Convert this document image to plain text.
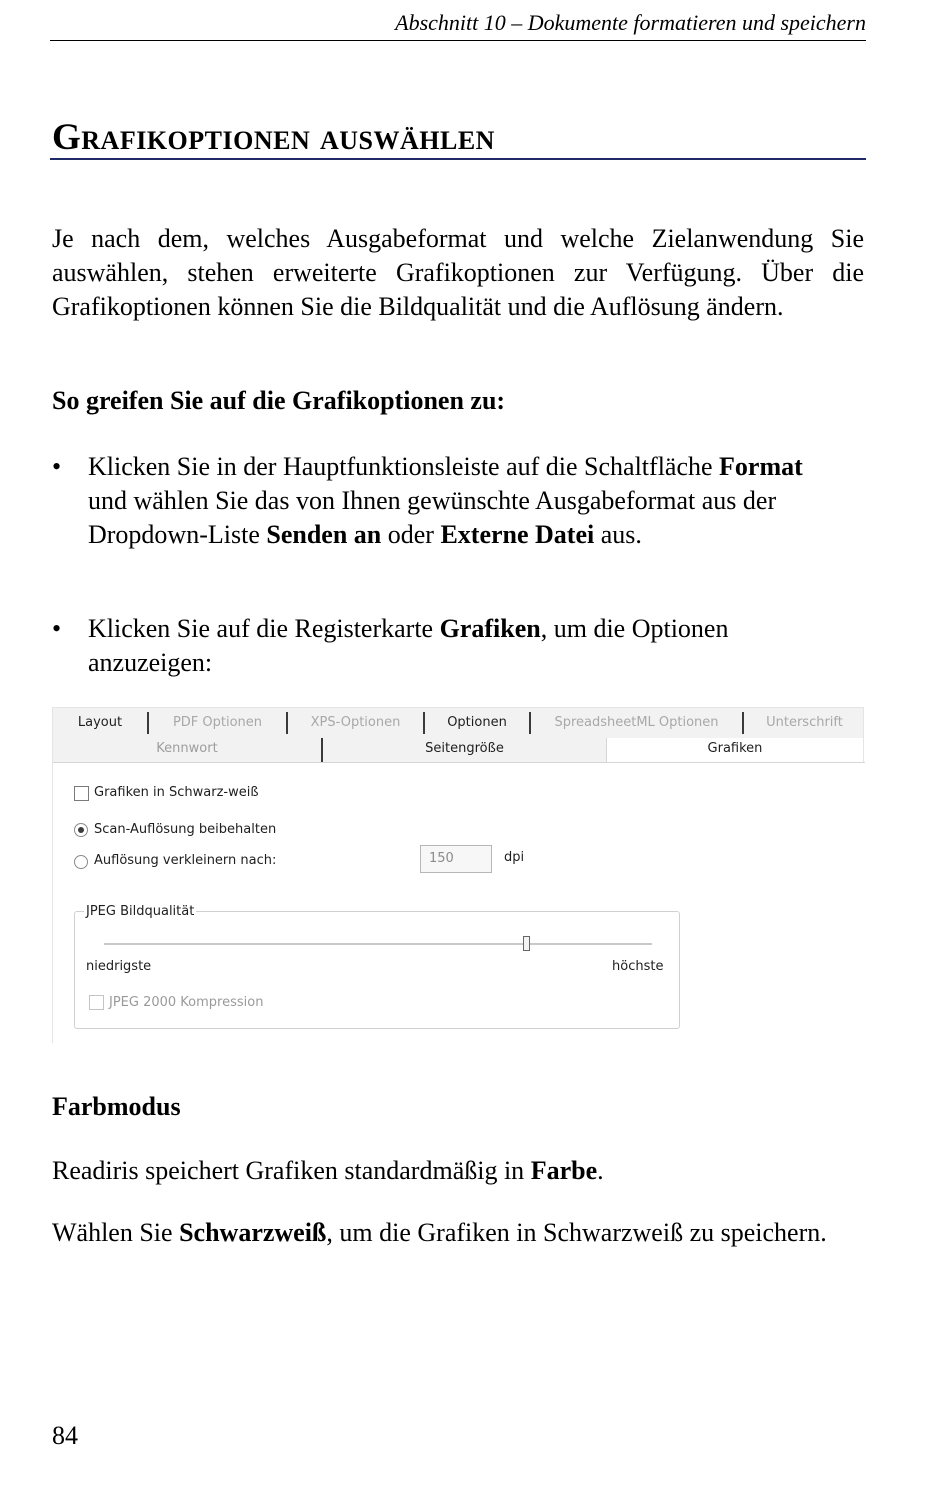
Abschnitt 10 – Dokumente formatieren und speichern
Grafikoptionen auswählen
Je nach dem, welches Ausgabeformat und welche Zielanwendung Sie auswählen, stehen erweiterte Grafikoptionen zur Verfügung. Über die Grafikoptionen können Sie die Bildqualität und die Auflösung ändern.
So greifen Sie auf die Grafikoptionen zu:
• Klicken Sie in der Hauptfunktionsleiste auf die Schaltfläche Format und wählen Sie das von Ihnen gewünschte Ausgabeformat aus der Dropdown-Liste Senden an oder Externe Datei aus.
• Klicken Sie auf die Registerkarte Grafiken, um die Optionen anzuzeigen:
Layout	PDF Optionen	XPS-Optionen	Optionen	SpreadsheetML Optionen	Unterschrift
Kennwort	Seitengröße	Grafiken
Grafiken in Schwarz-weiß
Scan-Auflösung beibehalten
Auflösung verkleinern nach:	150	dpi
JPEG Bildqualität
niedrigste	höchste
JPEG 2000 Kompression
Farbmodus
Readiris speichert Grafiken standardmäßig in Farbe.
Wählen Sie Schwarzweiß, um die Grafiken in Schwarzweiß zu speichern.
84
